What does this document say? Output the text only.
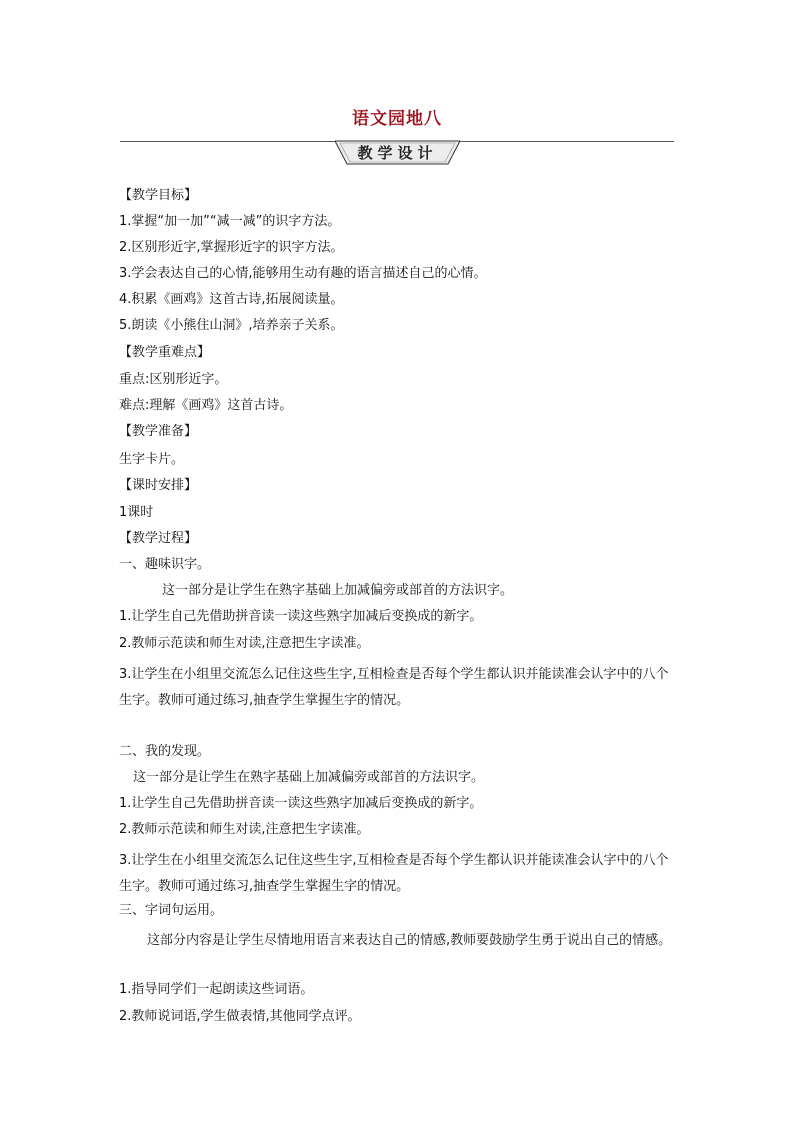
语文园地八
教学设计
【教学目标】
1.掌握“加一加”“减一减”的识字方法。
2.区别形近字,掌握形近字的识字方法。
3.学会表达自己的心情,能够用生动有趣的语言描述自己的心情。
4.积累《画鸡》这首古诗,拓展阅读量。
5.朗读《小熊住山洞》,培养亲子关系。
【教学重难点】
重点:区别形近字。
难点:理解《画鸡》这首古诗。
【教学准备】
生字卡片。
【课时安排】
1课时
【教学过程】
一、趣味识字。
这一部分是让学生在熟字基础上加减偏旁或部首的方法识字。
1.让学生自己先借助拼音读一读这些熟字加减后变换成的新字。
2.教师示范读和师生对读,注意把生字读准。
3.让学生在小组里交流怎么记住这些生字,互相检查是否每个学生都认识并能读准会认字中的八个生字。教师可通过练习,抽查学生掌握生字的情况。
二、我的发现。
这一部分是让学生在熟字基础上加减偏旁或部首的方法识字。
1.让学生自己先借助拼音读一读这些熟字加减后变换成的新字。
2.教师示范读和师生对读,注意把生字读准。
3.让学生在小组里交流怎么记住这些生字,互相检查是否每个学生都认识并能读准会认字中的八个生字。教师可通过练习,抽查学生掌握生字的情况。
三、字词句运用。
这部分内容是让学生尽情地用语言来表达自己的情感,教师要鼓励学生勇于说出自己的情感。
1.指导同学们一起朗读这些词语。
2.教师说词语,学生做表情,其他同学点评。
